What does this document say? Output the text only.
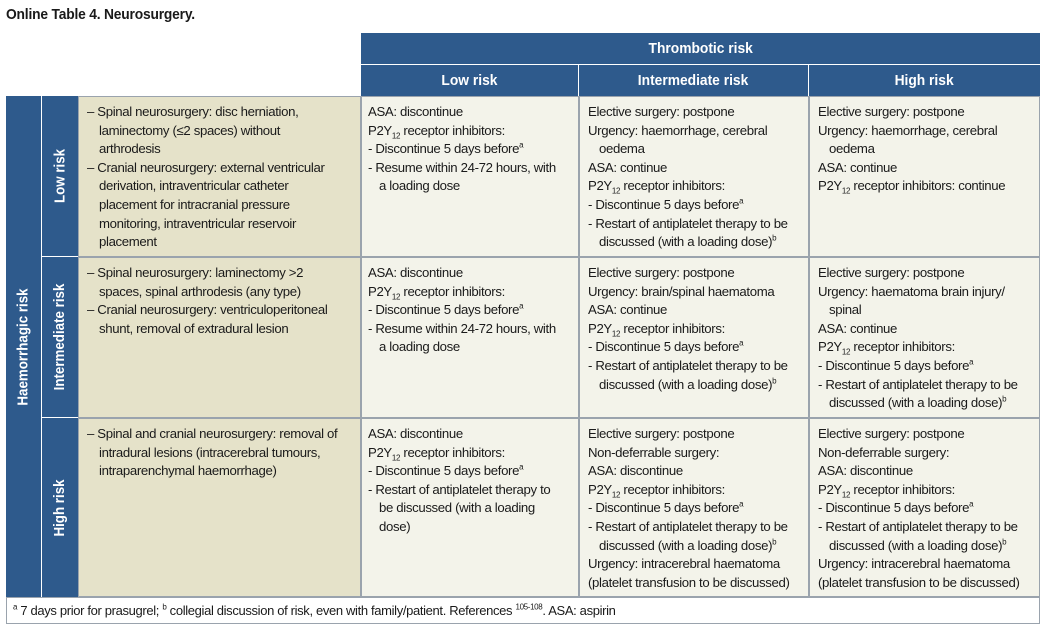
Online Table 4. Neurosurgery.
Thrombotic risk
Low risk	Intermediate risk	High risk
Haemorrhagic risk
Low risk
Intermediate risk
High risk
– Spinal neurosurgery: disc herniation,
laminectomy (≤2 spaces) without
arthrodesis
– Cranial neurosurgery: external ventricular
derivation, intraventricular catheter
placement for intracranial pressure
monitoring, intraventricular reservoir
placement
ASA: discontinue
$P2Y_{12}$ receptor inhibitors:
- Discontinue 5 days before$^a$
- Resume within 24-72 hours, with
a loading dose
Elective surgery: postpone
Urgency: haemorrhage, cerebral
oedema
ASA: continue
$P2Y_{12}$ receptor inhibitors:
- Discontinue 5 days before$^a$
- Restart of antiplatelet therapy to be
discussed (with a loading dose)$^b$
Elective surgery: postpone
Urgency: haemorrhage, cerebral
oedema
ASA: continue
$P2Y_{12}$ receptor inhibitors: continue
– Spinal neurosurgery: laminectomy >2
spaces, spinal arthrodesis (any type)
– Cranial neurosurgery: ventriculoperitoneal
shunt, removal of extradural lesion
ASA: discontinue
$P2Y_{12}$ receptor inhibitors:
- Discontinue 5 days before$^a$
- Resume within 24-72 hours, with
a loading dose
Elective surgery: postpone
Urgency: brain/spinal haematoma
ASA: continue
$P2Y_{12}$ receptor inhibitors:
- Discontinue 5 days before$^a$
- Restart of antiplatelet therapy to be
discussed (with a loading dose)$^b$
Elective surgery: postpone
Urgency: haematoma brain injury/
spinal
ASA: continue
$P2Y_{12}$ receptor inhibitors:
- Discontinue 5 days before$^a$
- Restart of antiplatelet therapy to be
discussed (with a loading dose)$^b$
– Spinal and cranial neurosurgery: removal of
intradural lesions (intracerebral tumours,
intraparenchymal haemorrhage)
ASA: discontinue
$P2Y_{12}$ receptor inhibitors:
- Discontinue 5 days before$^a$
- Restart of antiplatelet therapy to
be discussed (with a loading
dose)
Elective surgery: postpone
Non-deferrable surgery:
ASA: discontinue
$P2Y_{12}$ receptor inhibitors:
- Discontinue 5 days before$^a$
- Restart of antiplatelet therapy to be
discussed (with a loading dose)$^b$
Urgency: intracerebral haematoma
(platelet transfusion to be discussed)
Elective surgery: postpone
Non-deferrable surgery:
ASA: discontinue
$P2Y_{12}$ receptor inhibitors:
- Discontinue 5 days before$^a$
- Restart of antiplatelet therapy to be
discussed (with a loading dose)$^b$
Urgency: intracerebral haematoma
(platelet transfusion to be discussed)
$^a$ 7 days prior for prasugrel; $^b$ collegial discussion of risk, even with family/patient. References $^{105-108}$. ASA: aspirin
